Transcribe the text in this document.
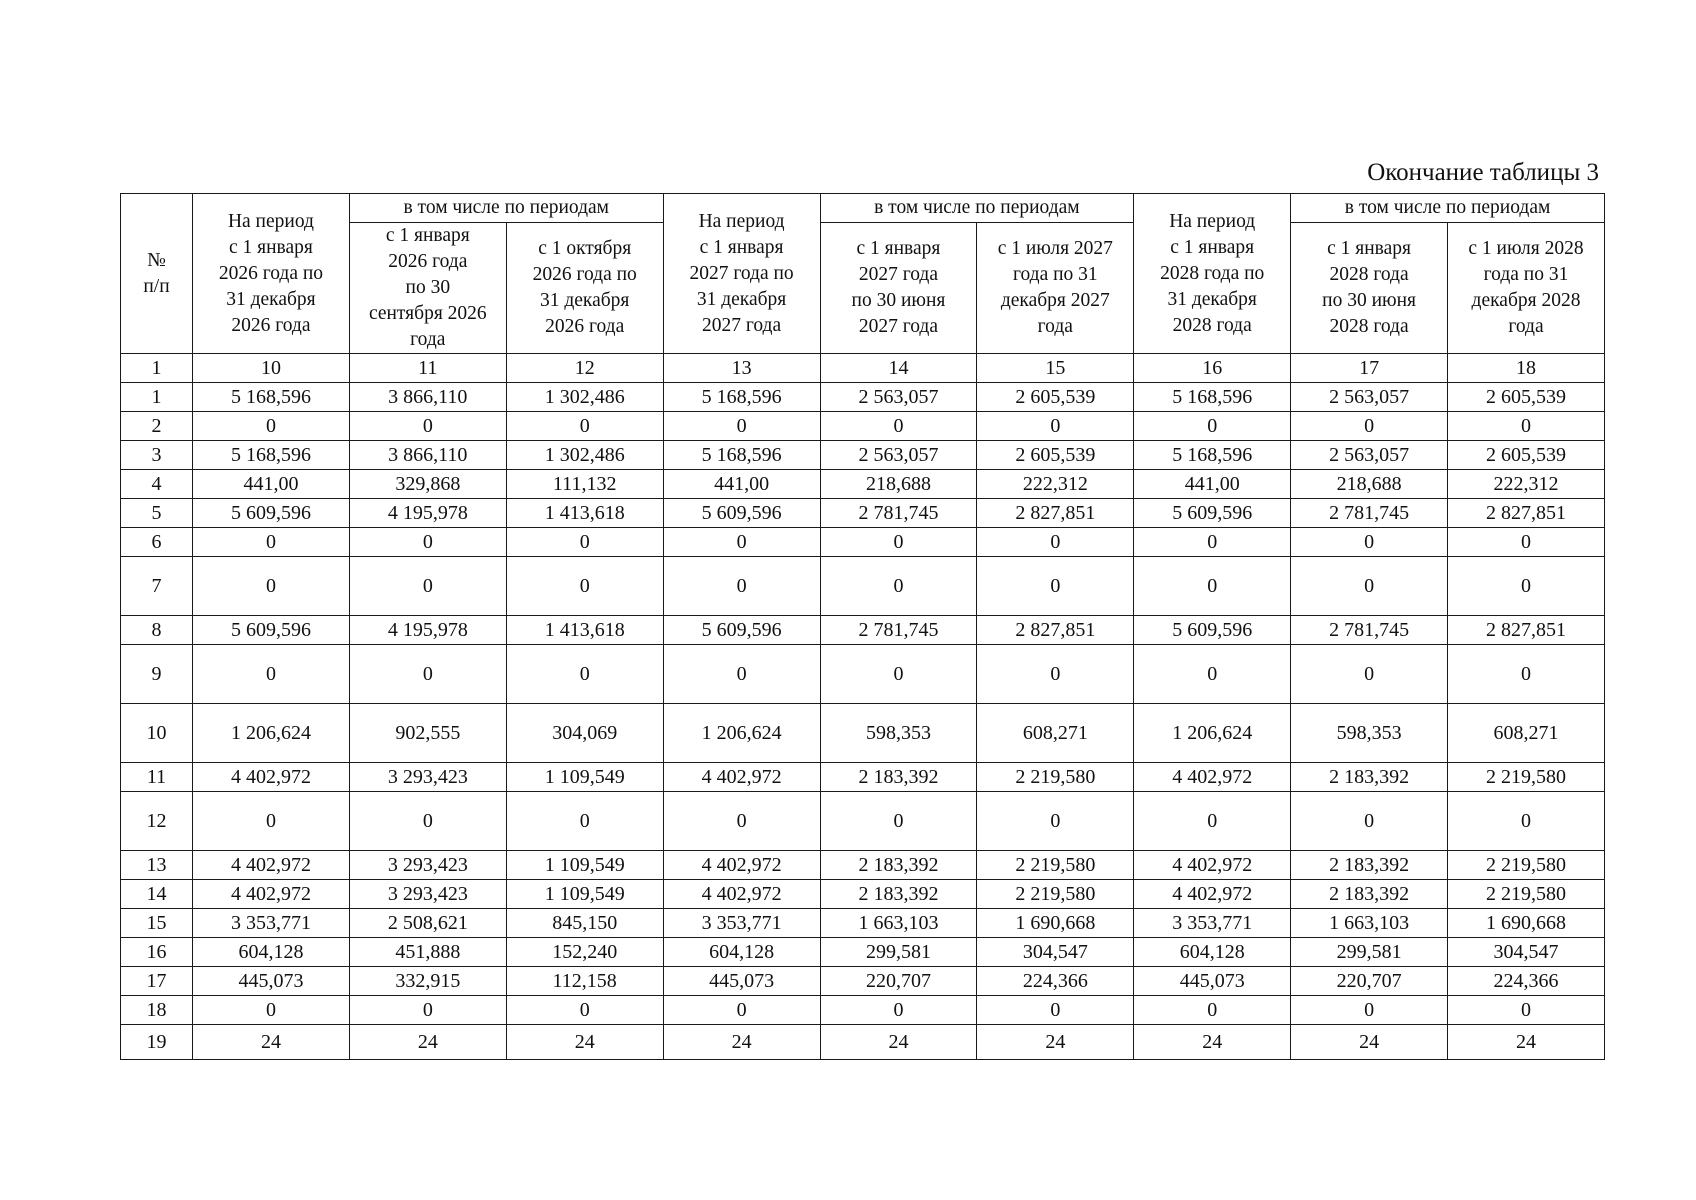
Окончание таблицы 3
№
п/п	На период
с 1 января
2026 года по
31 декабря
2026 года	в том числе по периодам		На период
с 1 января
2027 года по
31 декабря
2027 года	в том числе по периодам		На период
с 1 января
2028 года по
31 декабря
2028 года	в том числе по периодам	
		с 1 января
2026 года
по 30
сентября 2026
года	с 1 октября
2026 года по
31 декабря
2026 года		с 1 января
2027 года
по 30 июня
2027 года	с 1 июля 2027
года по 31
декабря 2027
года		с 1 января
2028 года
по 30 июня
2028 года	с 1 июля 2028
года по 31
декабря 2028
года
1	10	11	12	13	14	15	16	17	18
1	5 168,596	3 866,110	1 302,486	5 168,596	2 563,057	2 605,539	5 168,596	2 563,057	2 605,539
2	0	0	0	0	0	0	0	0	0
3	5 168,596	3 866,110	1 302,486	5 168,596	2 563,057	2 605,539	5 168,596	2 563,057	2 605,539
4	441,00	329,868	111,132	441,00	218,688	222,312	441,00	218,688	222,312
5	5 609,596	4 195,978	1 413,618	5 609,596	2 781,745	2 827,851	5 609,596	2 781,745	2 827,851
6	0	0	0	0	0	0	0	0	0
7	0	0	0	0	0	0	0	0	0
8	5 609,596	4 195,978	1 413,618	5 609,596	2 781,745	2 827,851	5 609,596	2 781,745	2 827,851
9	0	0	0	0	0	0	0	0	0
10	1 206,624	902,555	304,069	1 206,624	598,353	608,271	1 206,624	598,353	608,271
11	4 402,972	3 293,423	1 109,549	4 402,972	2 183,392	2 219,580	4 402,972	2 183,392	2 219,580
12	0	0	0	0	0	0	0	0	0
13	4 402,972	3 293,423	1 109,549	4 402,972	2 183,392	2 219,580	4 402,972	2 183,392	2 219,580
14	4 402,972	3 293,423	1 109,549	4 402,972	2 183,392	2 219,580	4 402,972	2 183,392	2 219,580
15	3 353,771	2 508,621	845,150	3 353,771	1 663,103	1 690,668	3 353,771	1 663,103	1 690,668
16	604,128	451,888	152,240	604,128	299,581	304,547	604,128	299,581	304,547
17	445,073	332,915	112,158	445,073	220,707	224,366	445,073	220,707	224,366
18	0	0	0	0	0	0	0	0	0
19	24	24	24	24	24	24	24	24	24
